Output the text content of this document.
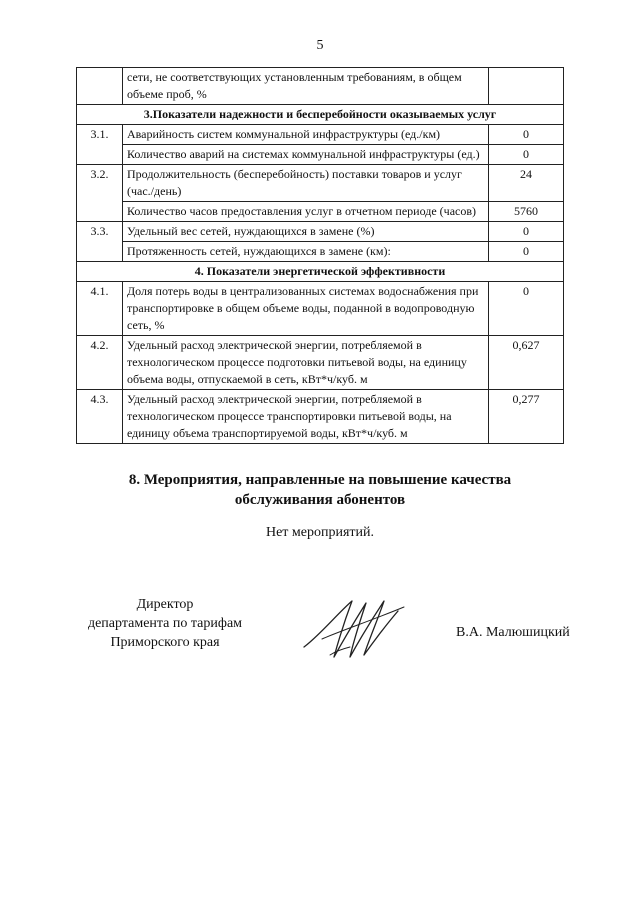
5
	сети, не соответствующих установленным требованиям, в общем объеме проб, %	
3.Показатели надежности и бесперебойности оказываемых услуг		
3.1.	Аварийность систем коммунальной инфраструктуры (ед./км)	0
	Количество аварий на системах коммунальной инфраструктуры (ед.)	0
3.2.	Продолжительность (бесперебойность) поставки товаров и услуг (час./день)	24
	Количество часов предоставления услуг в отчетном периоде (часов)	5760
3.3.	Удельный вес сетей, нуждающихся в замене (%)	0
	Протяженность сетей, нуждающихся в замене (км):	0
4. Показатели энергетической эффективности		
4.1.	Доля потерь воды в централизованных системах водоснабжения при транспортировке в общем объеме воды, поданной в водопроводную сеть, %	0
4.2.	Удельный расход электрической энергии, потребляемой в технологическом процессе подготовки питьевой воды, на единицу объема воды, отпускаемой в сеть, кВт*ч/куб. м	0,627
4.3.	Удельный расход электрической энергии, потребляемой в технологическом процессе транспортировки питьевой воды, на единицу объема транспортируемой воды, кВт*ч/куб. м	0,277
8. Мероприятия, направленные на повышение качества
обслуживания абонентов
Нет мероприятий.
Директор
департамента по тарифам
Приморского края
В.А. Малюшицкий
